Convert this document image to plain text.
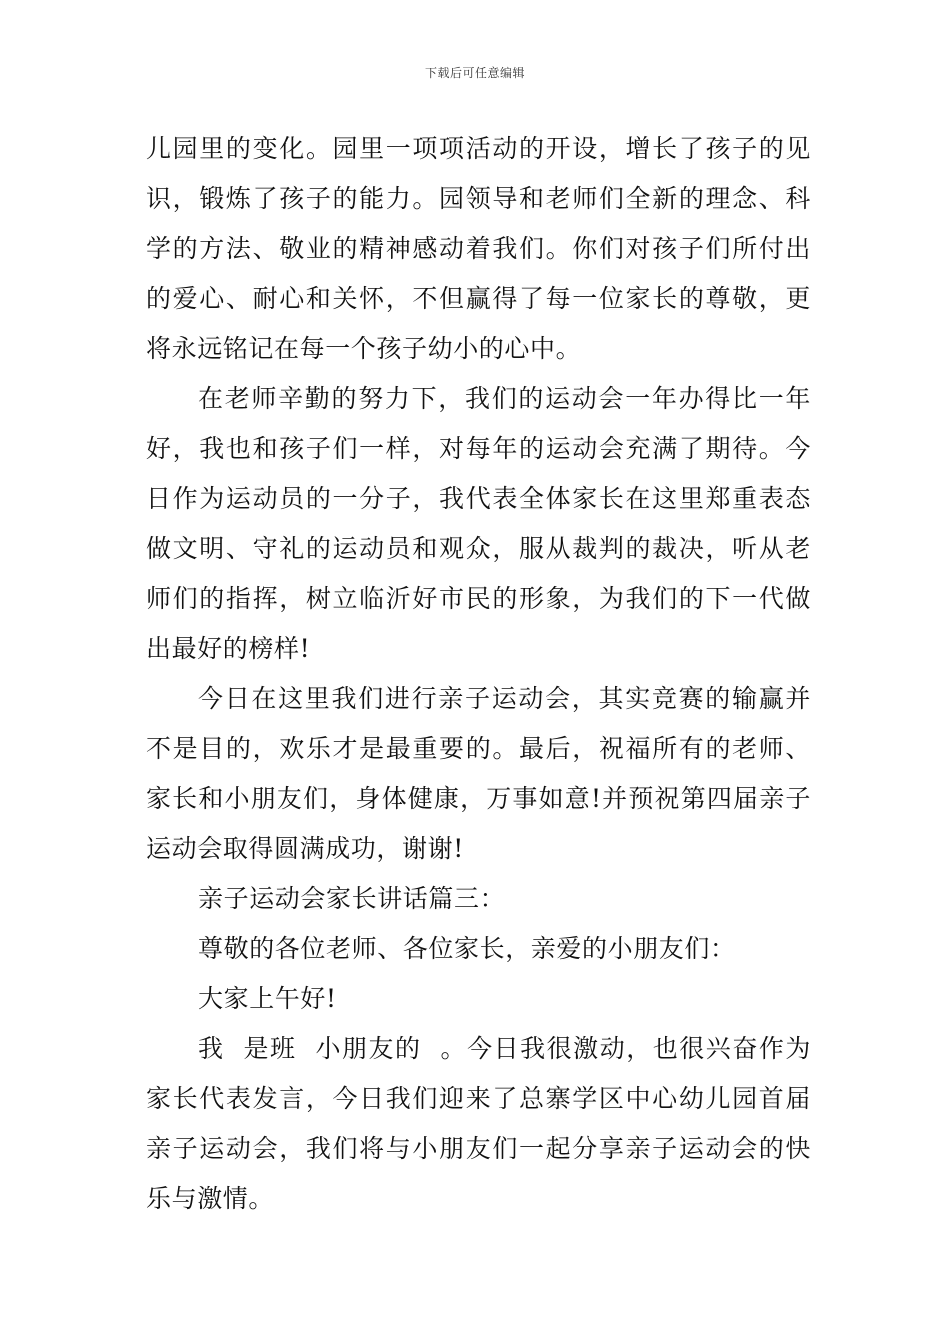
下载后可任意编辑

儿园里的变化。园里一项项活动的开设，增长了孩子的见识，锻炼了孩子的能力。园领导和老师们全新的理念、科学的方法、敬业的精神感动着我们。你们对孩子们所付出的爱心、耐心和关怀，不但赢得了每一位家长的尊敬，更将永远铭记在每一个孩子幼小的心中。

在老师辛勤的努力下，我们的运动会一年办得比一年好，我也和孩子们一样，对每年的运动会充满了期待。今日作为运动员的一分子，我代表全体家长在这里郑重表态做文明、守礼的运动员和观众，服从裁判的裁决，听从老师们的指挥，树立临沂好市民的形象，为我们的下一代做出最好的榜样!

今日在这里我们进行亲子运动会，其实竞赛的输赢并不是目的，欢乐才是最重要的。最后，祝福所有的老师、家长和小朋友们，身体健康，万事如意!并预祝第四届亲子运动会取得圆满成功，谢谢!

亲子运动会家长讲话篇三：

尊敬的各位老师、各位家长，亲爱的小朋友们：

大家上午好!

我  是班  小朋友的  。今日我很激动，也很兴奋作为家长代表发言，今日我们迎来了总寨学区中心幼儿园首届亲子运动会，我们将与小朋友们一起分享亲子运动会的快乐与激情。
